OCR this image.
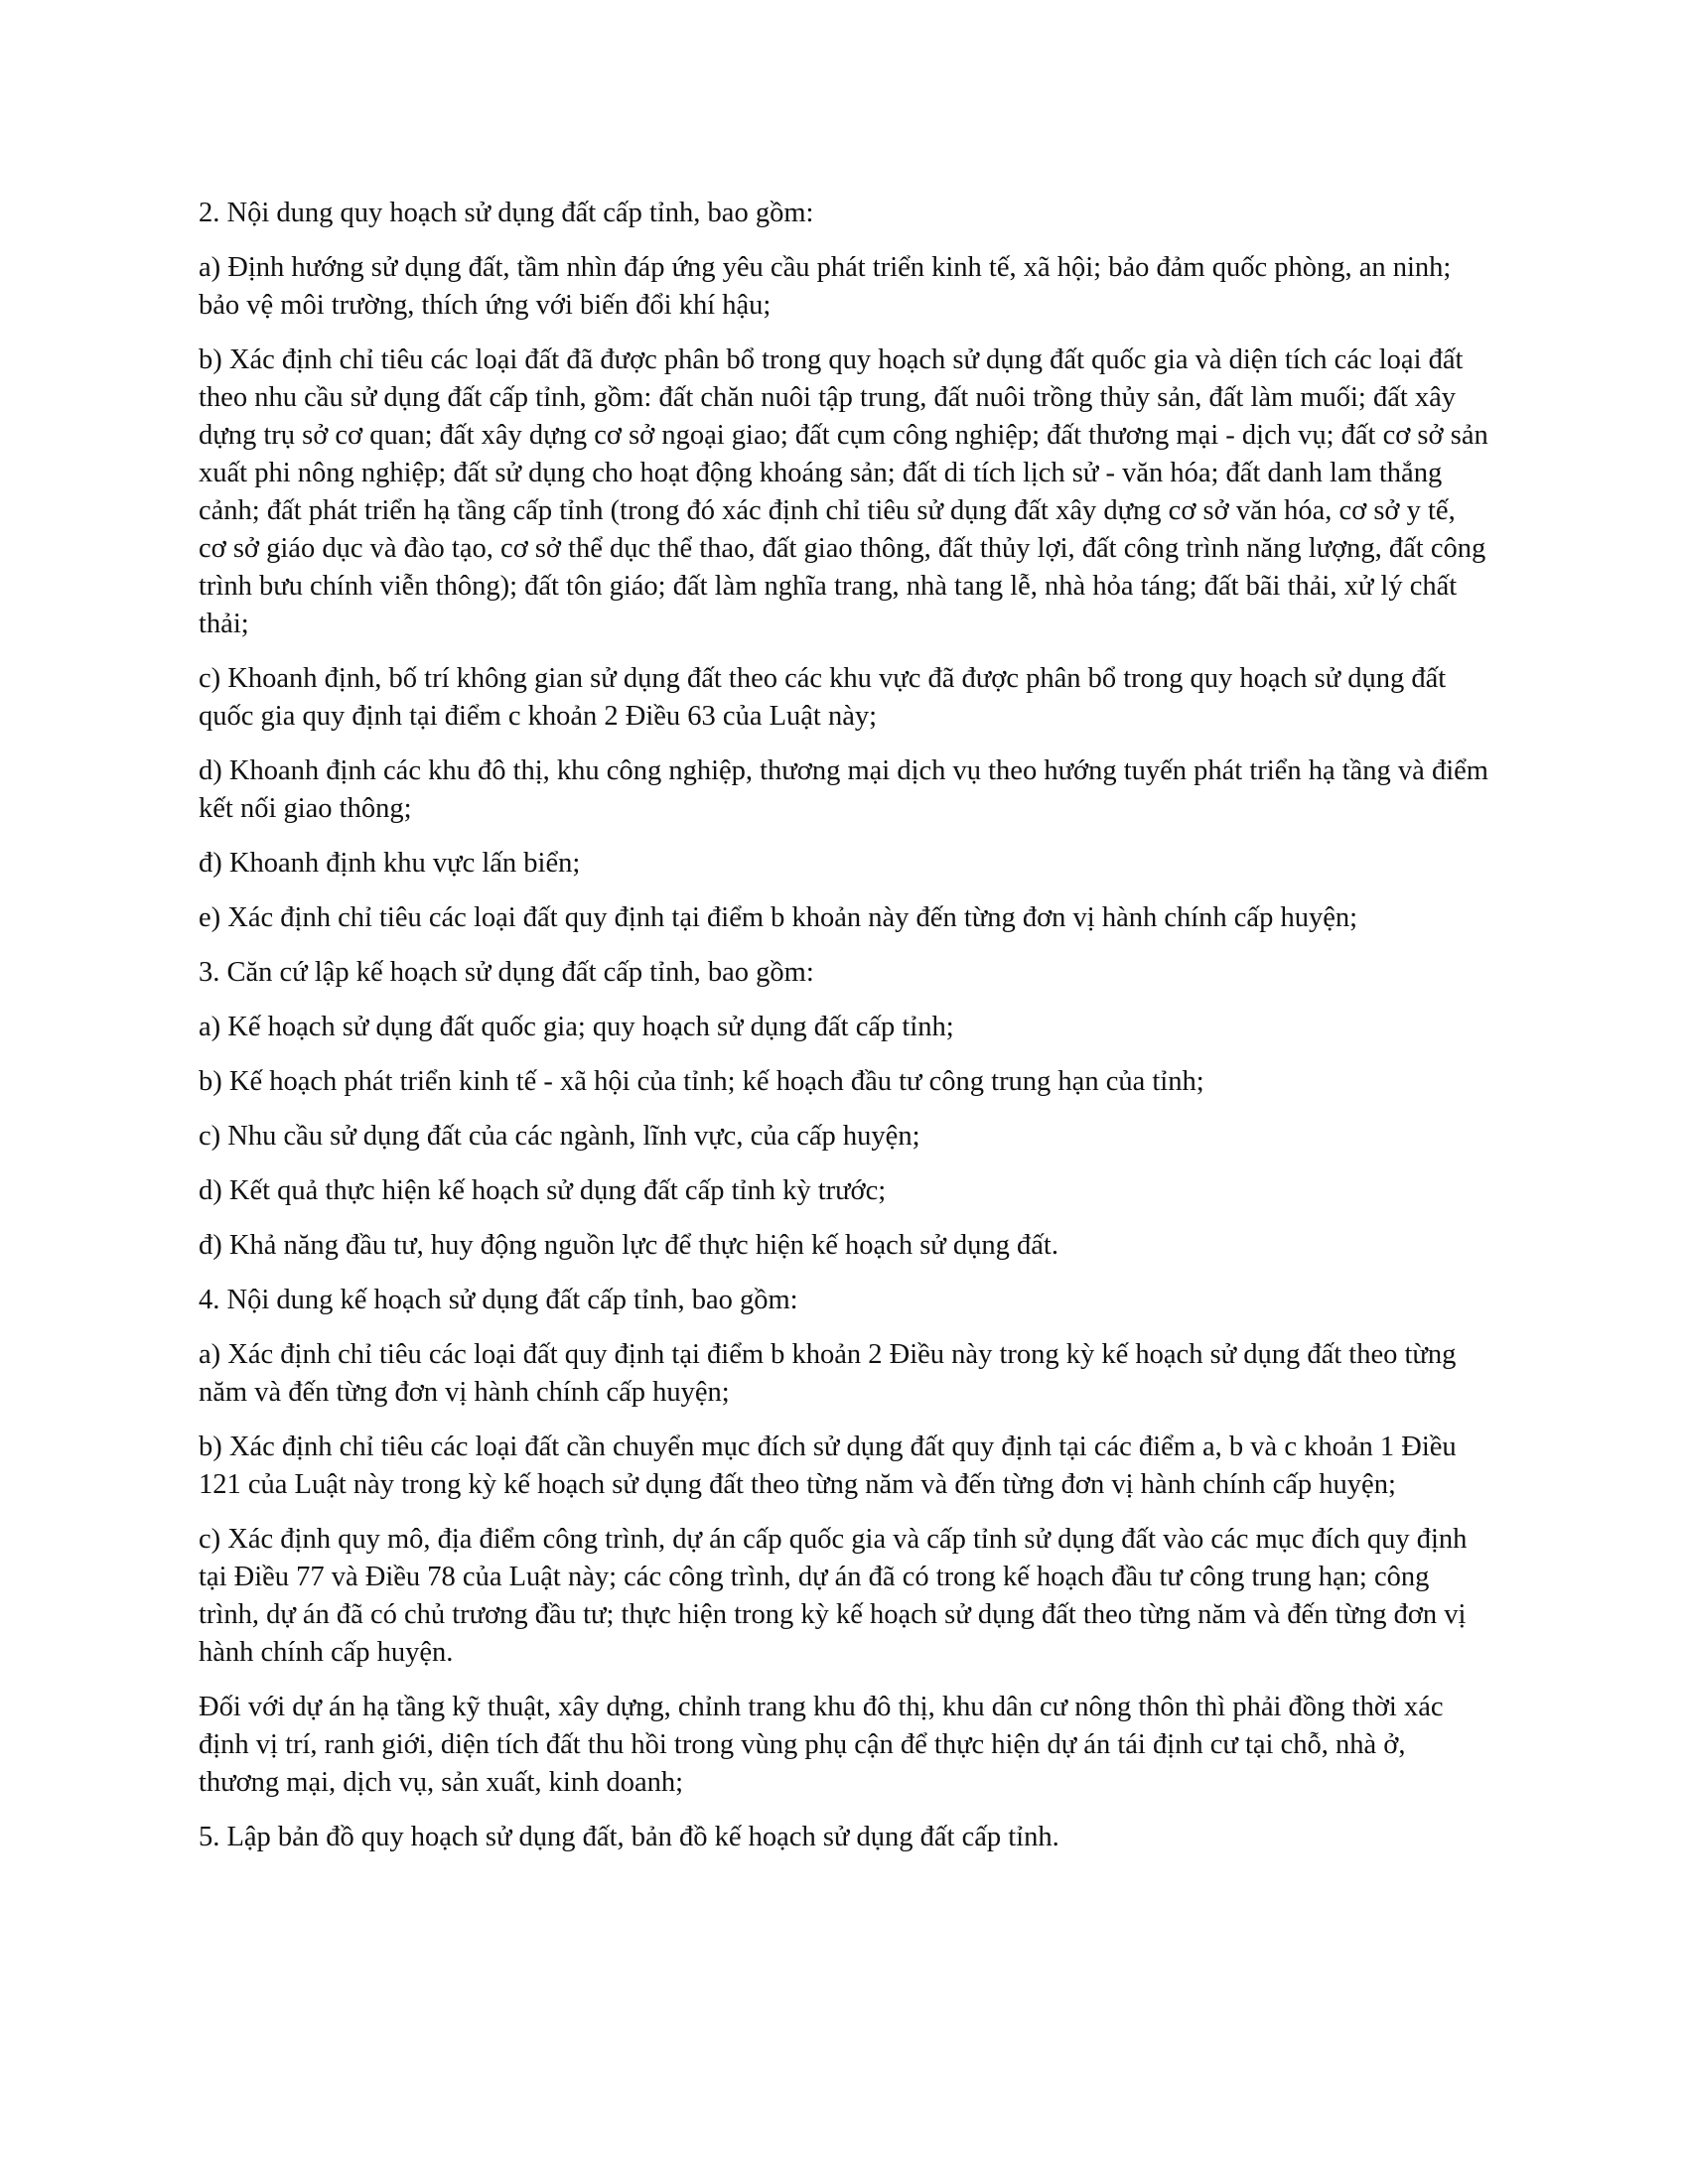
2. Nội dung quy hoạch sử dụng đất cấp tỉnh, bao gồm:

a) Định hướng sử dụng đất, tầm nhìn đáp ứng yêu cầu phát triển kinh tế, xã hội; bảo đảm quốc phòng, an ninh; bảo vệ môi trường, thích ứng với biến đổi khí hậu;

b) Xác định chỉ tiêu các loại đất đã được phân bổ trong quy hoạch sử dụng đất quốc gia và diện tích các loại đất theo nhu cầu sử dụng đất cấp tỉnh, gồm: đất chăn nuôi tập trung, đất nuôi trồng thủy sản, đất làm muối; đất xây dựng trụ sở cơ quan; đất xây dựng cơ sở ngoại giao; đất cụm công nghiệp; đất thương mại - dịch vụ; đất cơ sở sản xuất phi nông nghiệp; đất sử dụng cho hoạt động khoáng sản; đất di tích lịch sử - văn hóa; đất danh lam thắng cảnh; đất phát triển hạ tầng cấp tỉnh (trong đó xác định chỉ tiêu sử dụng đất xây dựng cơ sở văn hóa, cơ sở y tế, cơ sở giáo dục và đào tạo, cơ sở thể dục thể thao, đất giao thông, đất thủy lợi, đất công trình năng lượng, đất công trình bưu chính viễn thông); đất tôn giáo; đất làm nghĩa trang, nhà tang lễ, nhà hỏa táng; đất bãi thải, xử lý chất thải;

c) Khoanh định, bố trí không gian sử dụng đất theo các khu vực đã được phân bổ trong quy hoạch sử dụng đất quốc gia quy định tại điểm c khoản 2 Điều 63 của Luật này;

d) Khoanh định các khu đô thị, khu công nghiệp, thương mại dịch vụ theo hướng tuyến phát triển hạ tầng và điểm kết nối giao thông;

đ) Khoanh định khu vực lấn biển;

e) Xác định chỉ tiêu các loại đất quy định tại điểm b khoản này đến từng đơn vị hành chính cấp huyện;

3. Căn cứ lập kế hoạch sử dụng đất cấp tỉnh, bao gồm:

a) Kế hoạch sử dụng đất quốc gia; quy hoạch sử dụng đất cấp tỉnh;

b) Kế hoạch phát triển kinh tế - xã hội của tỉnh; kế hoạch đầu tư công trung hạn của tỉnh;

c) Nhu cầu sử dụng đất của các ngành, lĩnh vực, của cấp huyện;

d) Kết quả thực hiện kế hoạch sử dụng đất cấp tỉnh kỳ trước;

đ) Khả năng đầu tư, huy động nguồn lực để thực hiện kế hoạch sử dụng đất.

4. Nội dung kế hoạch sử dụng đất cấp tỉnh, bao gồm:

a) Xác định chỉ tiêu các loại đất quy định tại điểm b khoản 2 Điều này trong kỳ kế hoạch sử dụng đất theo từng năm và đến từng đơn vị hành chính cấp huyện;

b) Xác định chỉ tiêu các loại đất cần chuyển mục đích sử dụng đất quy định tại các điểm a, b và c khoản 1 Điều 121 của Luật này trong kỳ kế hoạch sử dụng đất theo từng năm và đến từng đơn vị hành chính cấp huyện;

c) Xác định quy mô, địa điểm công trình, dự án cấp quốc gia và cấp tỉnh sử dụng đất vào các mục đích quy định tại Điều 77 và Điều 78 của Luật này; các công trình, dự án đã có trong kế hoạch đầu tư công trung hạn; công trình, dự án đã có chủ trương đầu tư; thực hiện trong kỳ kế hoạch sử dụng đất theo từng năm và đến từng đơn vị hành chính cấp huyện.

Đối với dự án hạ tầng kỹ thuật, xây dựng, chỉnh trang khu đô thị, khu dân cư nông thôn thì phải đồng thời xác định vị trí, ranh giới, diện tích đất thu hồi trong vùng phụ cận để thực hiện dự án tái định cư tại chỗ, nhà ở, thương mại, dịch vụ, sản xuất, kinh doanh;

5. Lập bản đồ quy hoạch sử dụng đất, bản đồ kế hoạch sử dụng đất cấp tỉnh.
